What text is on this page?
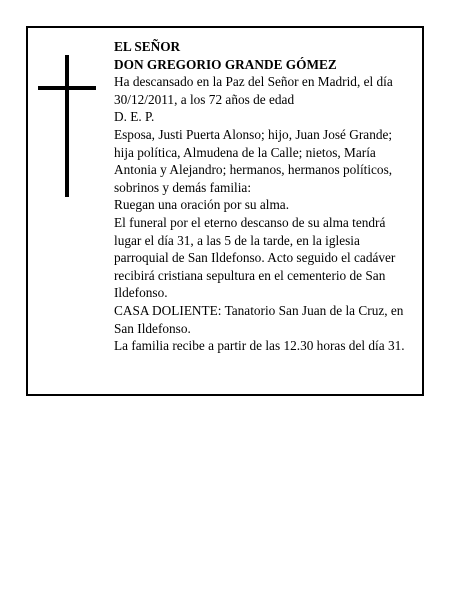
EL SEÑOR
DON GREGORIO GRANDE GÓMEZ
Ha descansado en la Paz del Señor en Madrid, el día
30/12/2011, a los 72 años de edad
D. E. P.
Esposa, Justi Puerta Alonso; hijo, Juan José Grande;
hija política, Almudena de la Calle; nietos, María
Antonia y Alejandro; hermanos, hermanos políticos,
sobrinos y demás familia:
Ruegan una oración por su alma.
El funeral por el eterno descanso de su alma tendrá
lugar el día 31, a las 5 de la tarde, en la iglesia
parroquial de San Ildefonso. Acto seguido el cadáver
recibirá cristiana sepultura en el cementerio de San
Ildefonso.
CASA DOLIENTE: Tanatorio San Juan de la Cruz, en
San Ildefonso.
La familia recibe a partir de las 12.30 horas del día 31.
